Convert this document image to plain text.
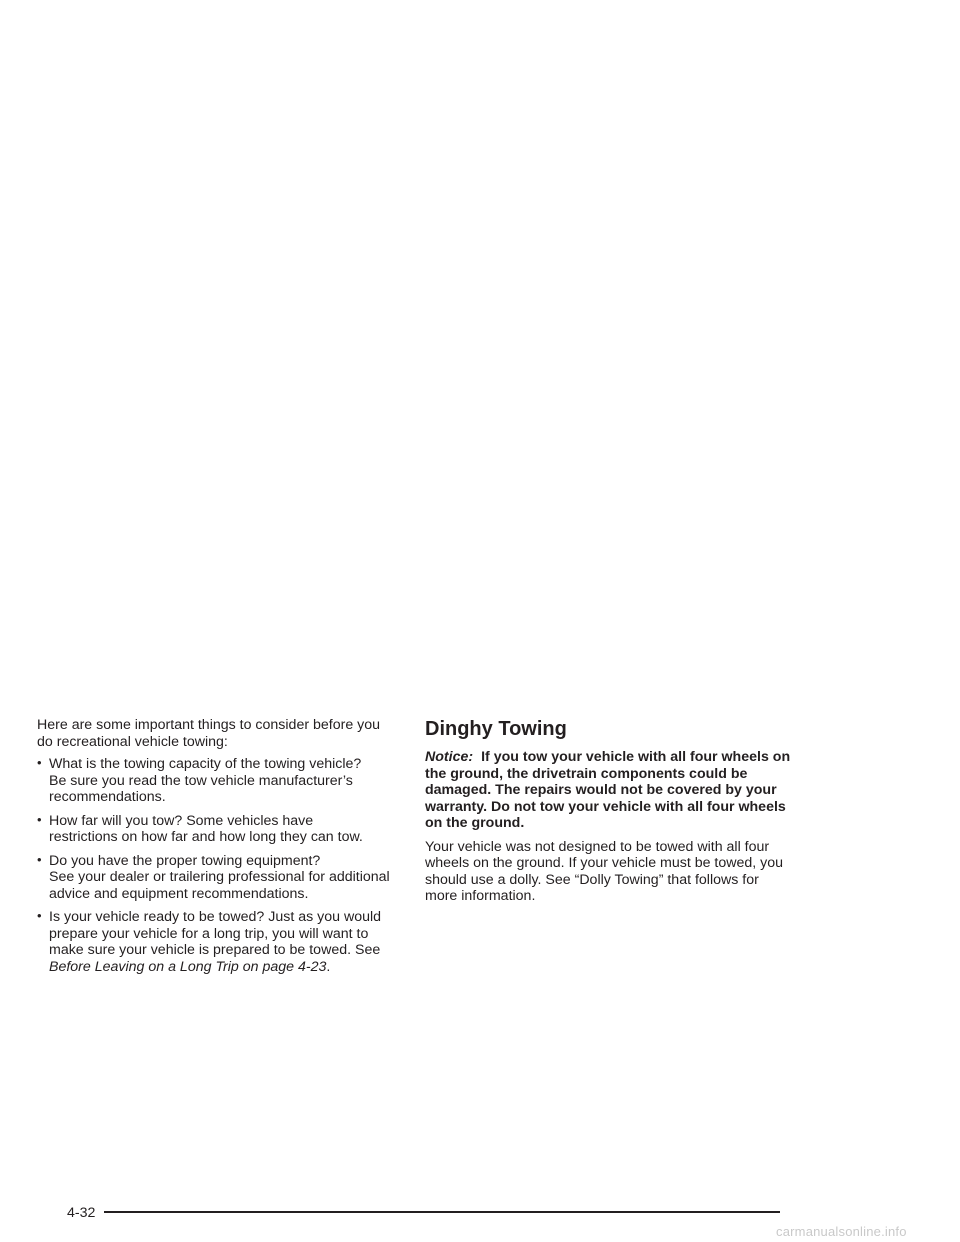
Here are some important things to consider before you do recreational vehicle towing:

• What is the towing capacity of the towing vehicle?
Be sure you read the tow vehicle manufacturer’s recommendations.
• How far will you tow? Some vehicles have
restrictions on how far and how long they can tow.
• Do you have the proper towing equipment?
See your dealer or trailering professional for additional advice and equipment recommendations.
• Is your vehicle ready to be towed? Just as you would
prepare your vehicle for a long trip, you will want to make sure your vehicle is prepared to be towed. See Before Leaving on a Long Trip on page 4-23.
Dinghy Towing

Notice: If you tow your vehicle with all four wheels on the ground, the drivetrain components could be damaged. The repairs would not be covered by your warranty. Do not tow your vehicle with all four wheels on the ground.

Your vehicle was not designed to be towed with all four wheels on the ground. If your vehicle must be towed, you should use a dolly. See “Dolly Towing” that follows for more information.

4-32
carmanualsonline.info
